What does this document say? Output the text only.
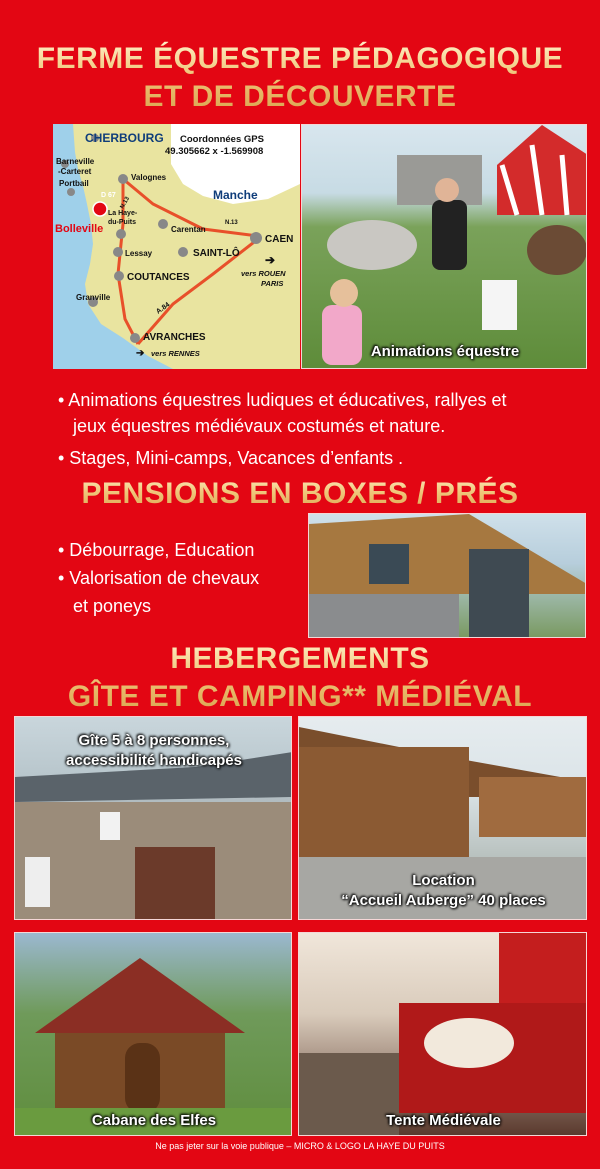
FERME ÉQUESTRE PÉDAGOGIQUE
ET DE DÉCOUVERTE
CHERBOURG Coordonnées GPS
49.305662 x -1.569908
Barneville
-Carteret
Portbail
Valognes
D 67	Manche
Bolleville
La Haye-
du-Puits
Carentan
Lessay	SAINT-LÔ
CAEN
COUTANCES	vers ROUEN
PARIS
➔
Granville
AVRANCHES
vers RENNES
➔
N.13
N.13
A.84
Animations équestre
• Animations équestres ludiques et éducatives, rallyes et
jeux équestres médiévaux costumés et nature.
• Stages, Mini-camps, Vacances d’enfants .
PENSIONS EN BOXES / PRÉS
• Débourrage, Education
• Valorisation de chevaux
et poneys
HEBERGEMENTS
GÎTE ET CAMPING** MÉDIÉVAL
Gîte 5 à 8 personnes,
accessibilité handicapés
Location
“Accueil Auberge” 40 places
Cabane des Elfes	Tente Médiévale
Ne pas jeter sur la voie publique – MICRO & LOGO LA HAYE DU PUITS
